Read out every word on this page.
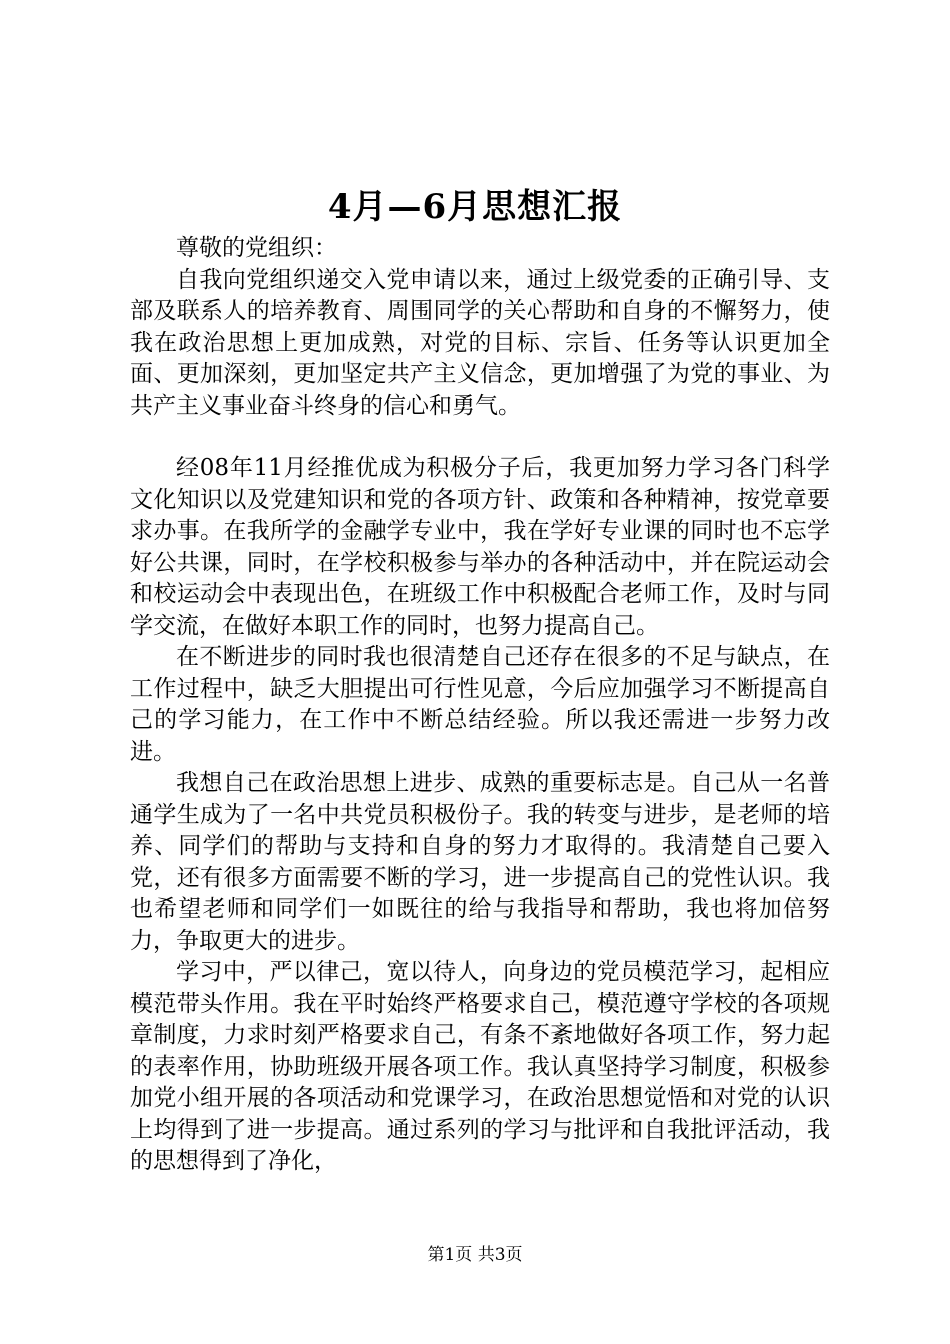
4月—6月思想汇报

尊敬的党组织：

自我向党组织递交入党申请以来，通过上级党委的正确引导、支部及联系人的培养教育、周围同学的关心帮助和自身的不懈努力，使我在政治思想上更加成熟，对党的目标、宗旨、任务等认识更加全面、更加深刻，更加坚定共产主义信念，更加增强了为党的事业、为共产主义事业奋斗终身的信心和勇气。

经08年11月经推优成为积极分子后，我更加努力学习各门科学文化知识以及党建知识和党的各项方针、政策和各种精神，按党章要求办事。在我所学的金融学专业中，我在学好专业课的同时也不忘学好公共课，同时，在学校积极参与举办的各种活动中，并在院运动会和校运动会中表现出色，在班级工作中积极配合老师工作，及时与同学交流，在做好本职工作的同时，也努力提高自己。

在不断进步的同时我也很清楚自己还存在很多的不足与缺点，在工作过程中，缺乏大胆提出可行性见意，今后应加强学习不断提高自己的学习能力，在工作中不断总结经验。所以我还需进一步努力改进。

我想自己在政治思想上进步、成熟的重要标志是。自己从一名普通学生成为了一名中共党员积极份子。我的转变与进步，是老师的培养、同学们的帮助与支持和自身的努力才取得的。我清楚自己要入党，还有很多方面需要不断的学习，进一步提高自己的党性认识。我也希望老师和同学们一如既往的给与我指导和帮助，我也将加倍努力，争取更大的进步。

学习中，严以律己，宽以待人，向身边的党员模范学习，起相应模范带头作用。我在平时始终严格要求自己，模范遵守学校的各项规章制度，力求时刻严格要求自己，有条不紊地做好各项工作，努力起的表率作用，协助班级开展各项工作。我认真坚持学习制度，积极参加党小组开展的各项活动和党课学习，在政治思想觉悟和对党的认识上均得到了进一步提高。通过系列的学习与批评和自我批评活动，我的思想得到了净化，

第1页 共3页
